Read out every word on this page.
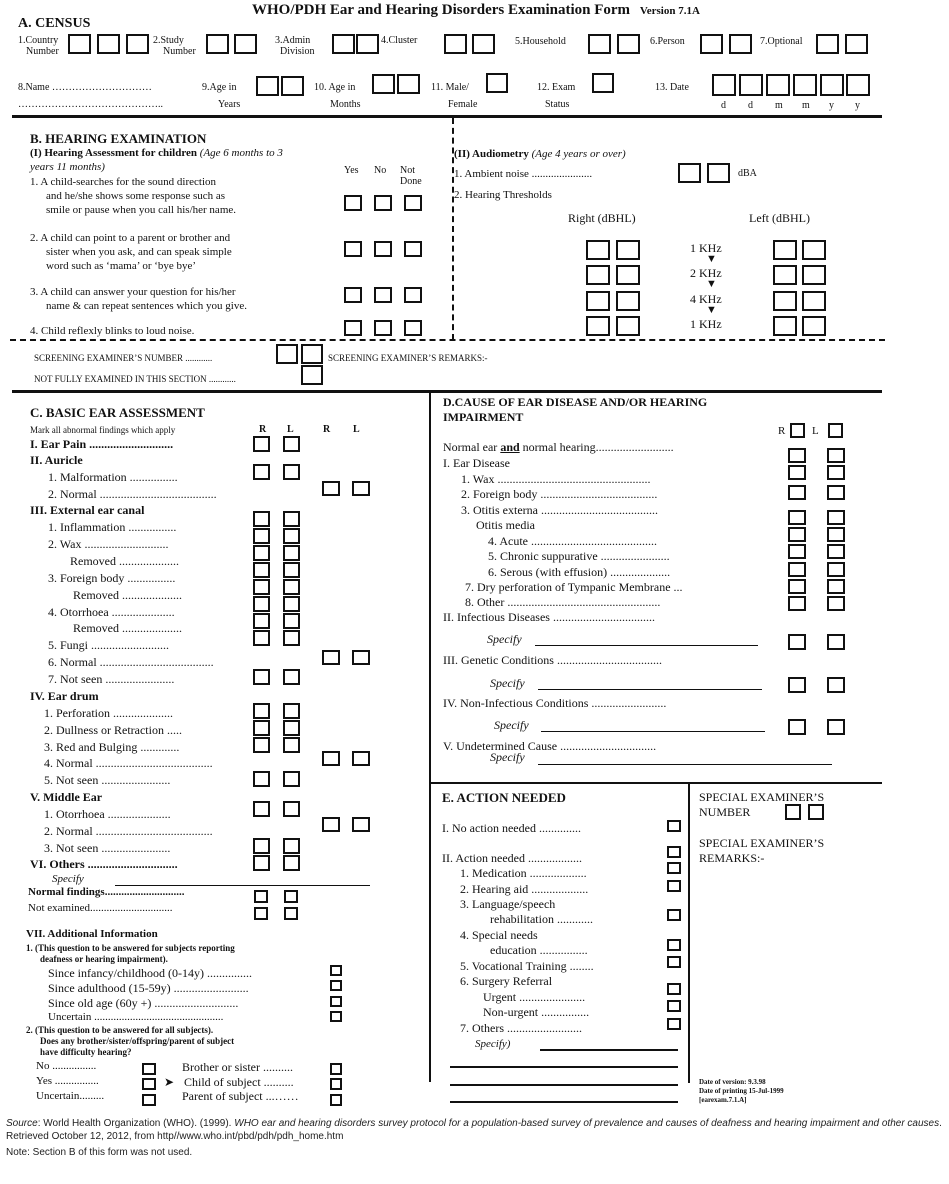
WHO/PDH Ear and Hearing Disorders Examination Form Version 7.1A
A. CENSUS
1.Country
Number
2.Study
Number
3.Admin
Division
4.Cluster	5.Household	6.Person	7.Optional
8.Name …………………………
……………………………………..
9.Age in
Years
10. Age in
Months
11. Male/
Female
12. Exam
Status
13. Date
d d m m y y
B. HEARING EXAMINATION
(I) Hearing Assessment for children (Age 6 months to 3
years 11 months)	Yes No Not
Done
1. A child-searches for the sound direction
and he/she shows some response such as
smile or pause when you call his/her name.
2. A child can point to a parent or brother and
sister when you ask, and can speak simple
word such as ‘mama’ or ‘bye bye’
3. A child can answer your question for his/her
name & can repeat sentences which you give.
4. Child reflexly blinks to loud noise.
(II) Audiometry (Age 4 years or over)
1. Ambient noise ......................	dBA
2. Hearing Thresholds
Right (dBHL)	Left (dBHL)
1 KHz
▼
2 KHz
▼
4 KHz
▼
1 KHz
SCREENING EXAMINER’S NUMBER ............	SCREENING EXAMINER’S REMARKS:-
NOT FULLY EXAMINED IN THIS SECTION ............
C. BASIC EAR ASSESSMENT
Mark all abnormal findings which apply	R L	R L
I. Ear Pain ............................
II. Auricle
1. Malformation ................
2. Normal .......................................
III. External ear canal
1. Inflammation ................
2. Wax ............................
Removed ....................
3. Foreign body ................
Removed ....................
4. Otorrhoea .....................
Removed ....................
5. Fungi ..........................
6. Normal ......................................
7. Not seen .......................
IV. Ear drum
1. Perforation ....................
2. Dullness or Retraction .....
3. Red and Bulging .............
4. Normal .......................................
5. Not seen .......................
V. Middle Ear
1. Otorrhoea .....................
2. Normal .......................................
3. Not seen .......................
VI. Others ..............................
Specify
Normal findings.............................
Not examined..............................
VII. Additional Information
1. (This question to be answered for subjects reporting
deafness or hearing impairment).
Since infancy/childhood (0-14y) ...............
Since adulthood (15-59y) .........................
Since old age (60y +) ............................
Uncertain ...............................................
2. (This question to be answered for all subjects).
Does any brother/sister/offspring/parent of subject
have difficulty hearing?
No ................
Yes ................
Uncertain.........
➤
Brother or sister ..........
Child of subject ..........
Parent of subject ...……
D.CAUSE OF EAR DISEASE AND/OR HEARING
IMPAIRMENT
R L
Normal ear and normal hearing..........................
I. Ear Disease
1. Wax ...................................................
2. Foreign body .......................................
3. Otitis externa .......................................
Otitis media
4. Acute ..........................................
5. Chronic suppurative .......................
6. Serous (with effusion) ....................
7. Dry perforation of Tympanic Membrane ...
8. Other ...................................................
II. Infectious Diseases ..................................
Specify
III. Genetic Conditions ...................................
Specify
IV. Non-Infectious Conditions .........................
Specify
V. Undetermined Cause ................................
Specify
E. ACTION NEEDED
I. No action needed ..............
II. Action needed ..................
1. Medication ...................
2. Hearing aid ...................
3. Language/speech
rehabilitation ............
4. Special needs
education ................
5. Vocational Training ........
6. Surgery Referral
Urgent ......................
Non-urgent ................
7. Others .........................
Specify)
SPECIAL EXAMINER’S
NUMBER
SPECIAL EXAMINER’S
REMARKS:-
Date of version: 9.3.98
Date of printing 15-Jul-1999
[earexam.7.1.A]
Source: World Health Organization (WHO). (1999). WHO ear and hearing disorders survey protocol for a population-based survey of prevalence and causes of deafness and hearing impairment and other causes. Retrieved October 12, 2012, from http//www.who.int/pbd/pdh/pdh_home.htm
Note: Section B of this form was not used.
